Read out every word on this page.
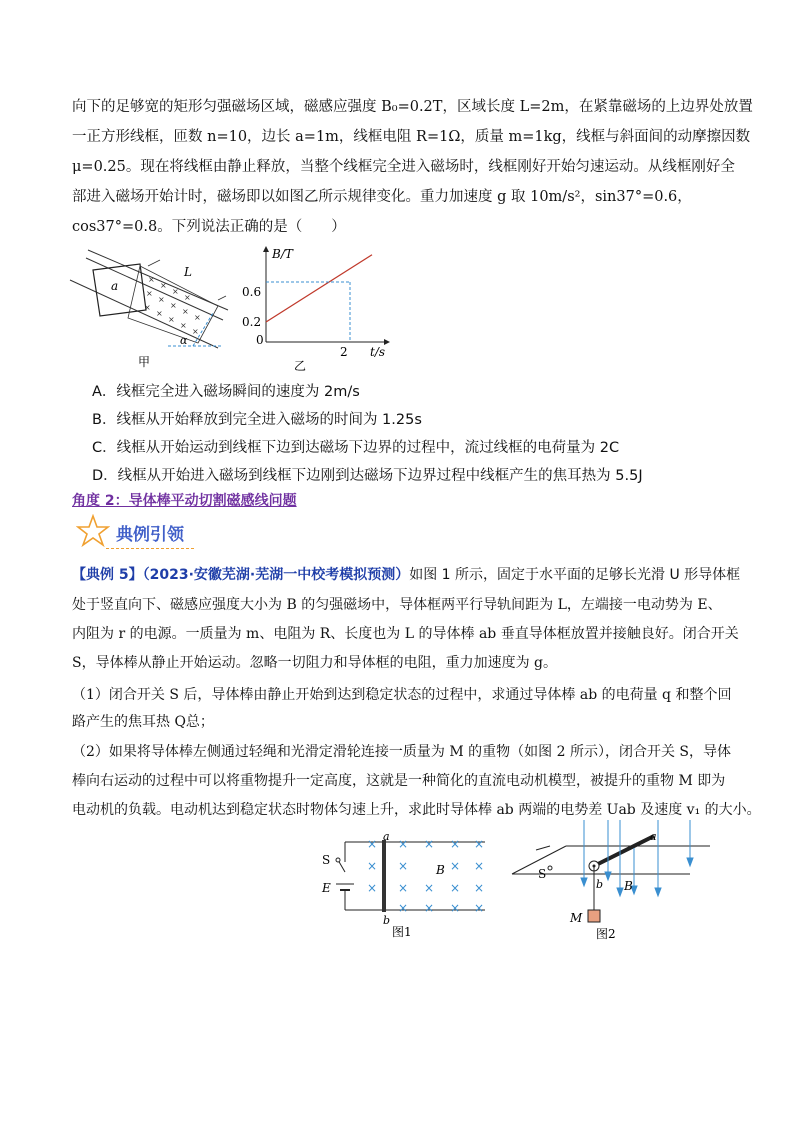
向下的足够宽的矩形匀强磁场区域，磁感应强度 B₀=0.2T，区域长度 L=2m，在紧靠磁场的上边界处放置
一正方形线框，匝数 n=10，边长 a=1m，线框电阻 R=1Ω，质量 m=1kg，线框与斜面间的动摩擦因数
μ=0.25。现在将线框由静止释放，当整个线框完全进入磁场时，线框刚好开始匀速运动。从线框刚好全
部进入磁场开始计时，磁场即以如图乙所示规律变化。重力加速度 g 取 10m/s²，sin37°=0.6，
cos37°=0.8。下列说法正确的是（　　）
×
×
×
×
×
×
×
×
×
×
×
×
×
×
L
a
α
甲
B/T
t/s
0.6
0.2
0
2
乙
A．线框完全进入磁场瞬间的速度为 2m/s
B．线框从开始释放到完全进入磁场的时间为 1.25s
C．线框从开始运动到线框下边到达磁场下边界的过程中，流过线框的电荷量为 2C
D．线框从开始进入磁场到线框下边刚到达磁场下边界过程中线框产生的焦耳热为 5.5J
角度 2：导体棒平动切割磁感线问题
典例引领
【典例 5】（2023·安徽芜湖·芜湖一中校考模拟预测）如图 1 所示，固定于水平面的足够长光滑 U 形导体框
处于竖直向下、磁感应强度大小为 B 的匀强磁场中，导体框两平行导轨间距为 L，左端接一电动势为 E、
内阻为 r 的电源。一质量为 m、电阻为 R、长度也为 L 的导体棒 ab 垂直导体框放置并接触良好。闭合开关
S，导体棒从静止开始运动。忽略一切阻力和导体框的电阻，重力加速度为 g。
（1）闭合开关 S 后，导体棒由静止开始到达到稳定状态的过程中，求通过导体棒 ab 的电荷量 q 和整个回
路产生的焦耳热 Q总；
（2）如果将导体棒左侧通过轻绳和光滑定滑轮连接一质量为 M 的重物（如图 2 所示），闭合开关 S，导体
棒向右运动的过程中可以将重物提升一定高度，这就是一种简化的直流电动机模型，被提升的重物 M 即为
电动机的负载。电动机达到稳定状态时物体匀速上升，求此时导体棒 ab 两端的电势差 Uab 及速度 v₁ 的大小。
× × × × ×
× ×	× ×
× × × × ×
× × × ×
S
E
a
b
B
图1
a
b B
S
M
图2
